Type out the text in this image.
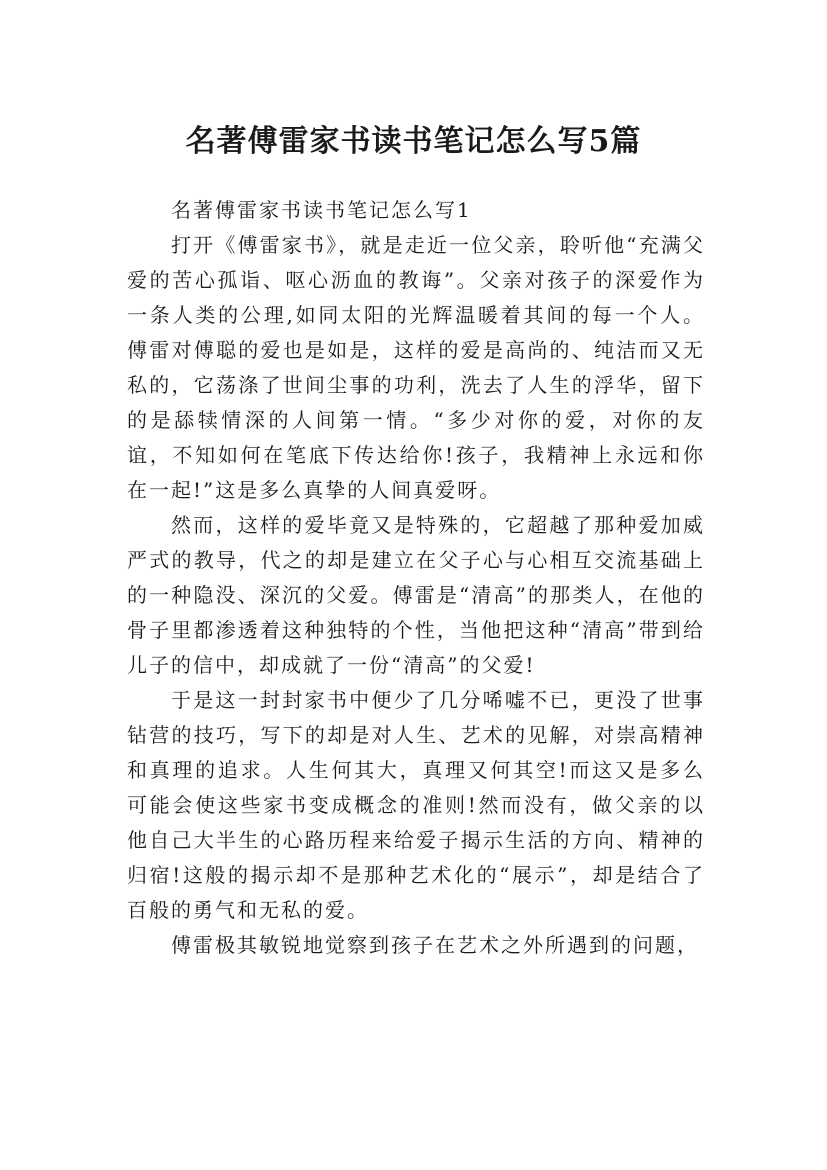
名著傅雷家书读书笔记怎么写5篇

名著傅雷家书读书笔记怎么写1

打开《傅雷家书》，就是走近一位父亲，聆听他“充满父爱的苦心孤诣、呕心沥血的教诲”。父亲对孩子的深爱作为一条人类的公理,如同太阳的光辉温暖着其间的每一个人。傅雷对傅聪的爱也是如是，这样的爱是高尚的、纯洁而又无私的，它荡涤了世间尘事的功利，洗去了人生的浮华，留下的是舔犊情深的人间第一情。“多少对你的爱，对你的友谊，不知如何在笔底下传达给你!孩子，我精神上永远和你在一起!”这是多么真挚的人间真爱呀。

然而，这样的爱毕竟又是特殊的，它超越了那种爱加威严式的教导，代之的却是建立在父子心与心相互交流基础上的一种隐没、深沉的父爱。傅雷是“清高”的那类人，在他的骨子里都渗透着这种独特的个性，当他把这种“清高”带到给儿子的信中，却成就了一份“清高”的父爱!

于是这一封封家书中便少了几分唏嘘不已，更没了世事钻营的技巧，写下的却是对人生、艺术的见解，对崇高精神和真理的追求。人生何其大，真理又何其空!而这又是多么可能会使这些家书变成概念的准则!然而没有，做父亲的以他自己大半生的心路历程来给爱子揭示生活的方向、精神的归宿!这般的揭示却不是那种艺术化的“展示”，却是结合了百般的勇气和无私的爱。

傅雷极其敏锐地觉察到孩子在艺术之外所遇到的问题，
